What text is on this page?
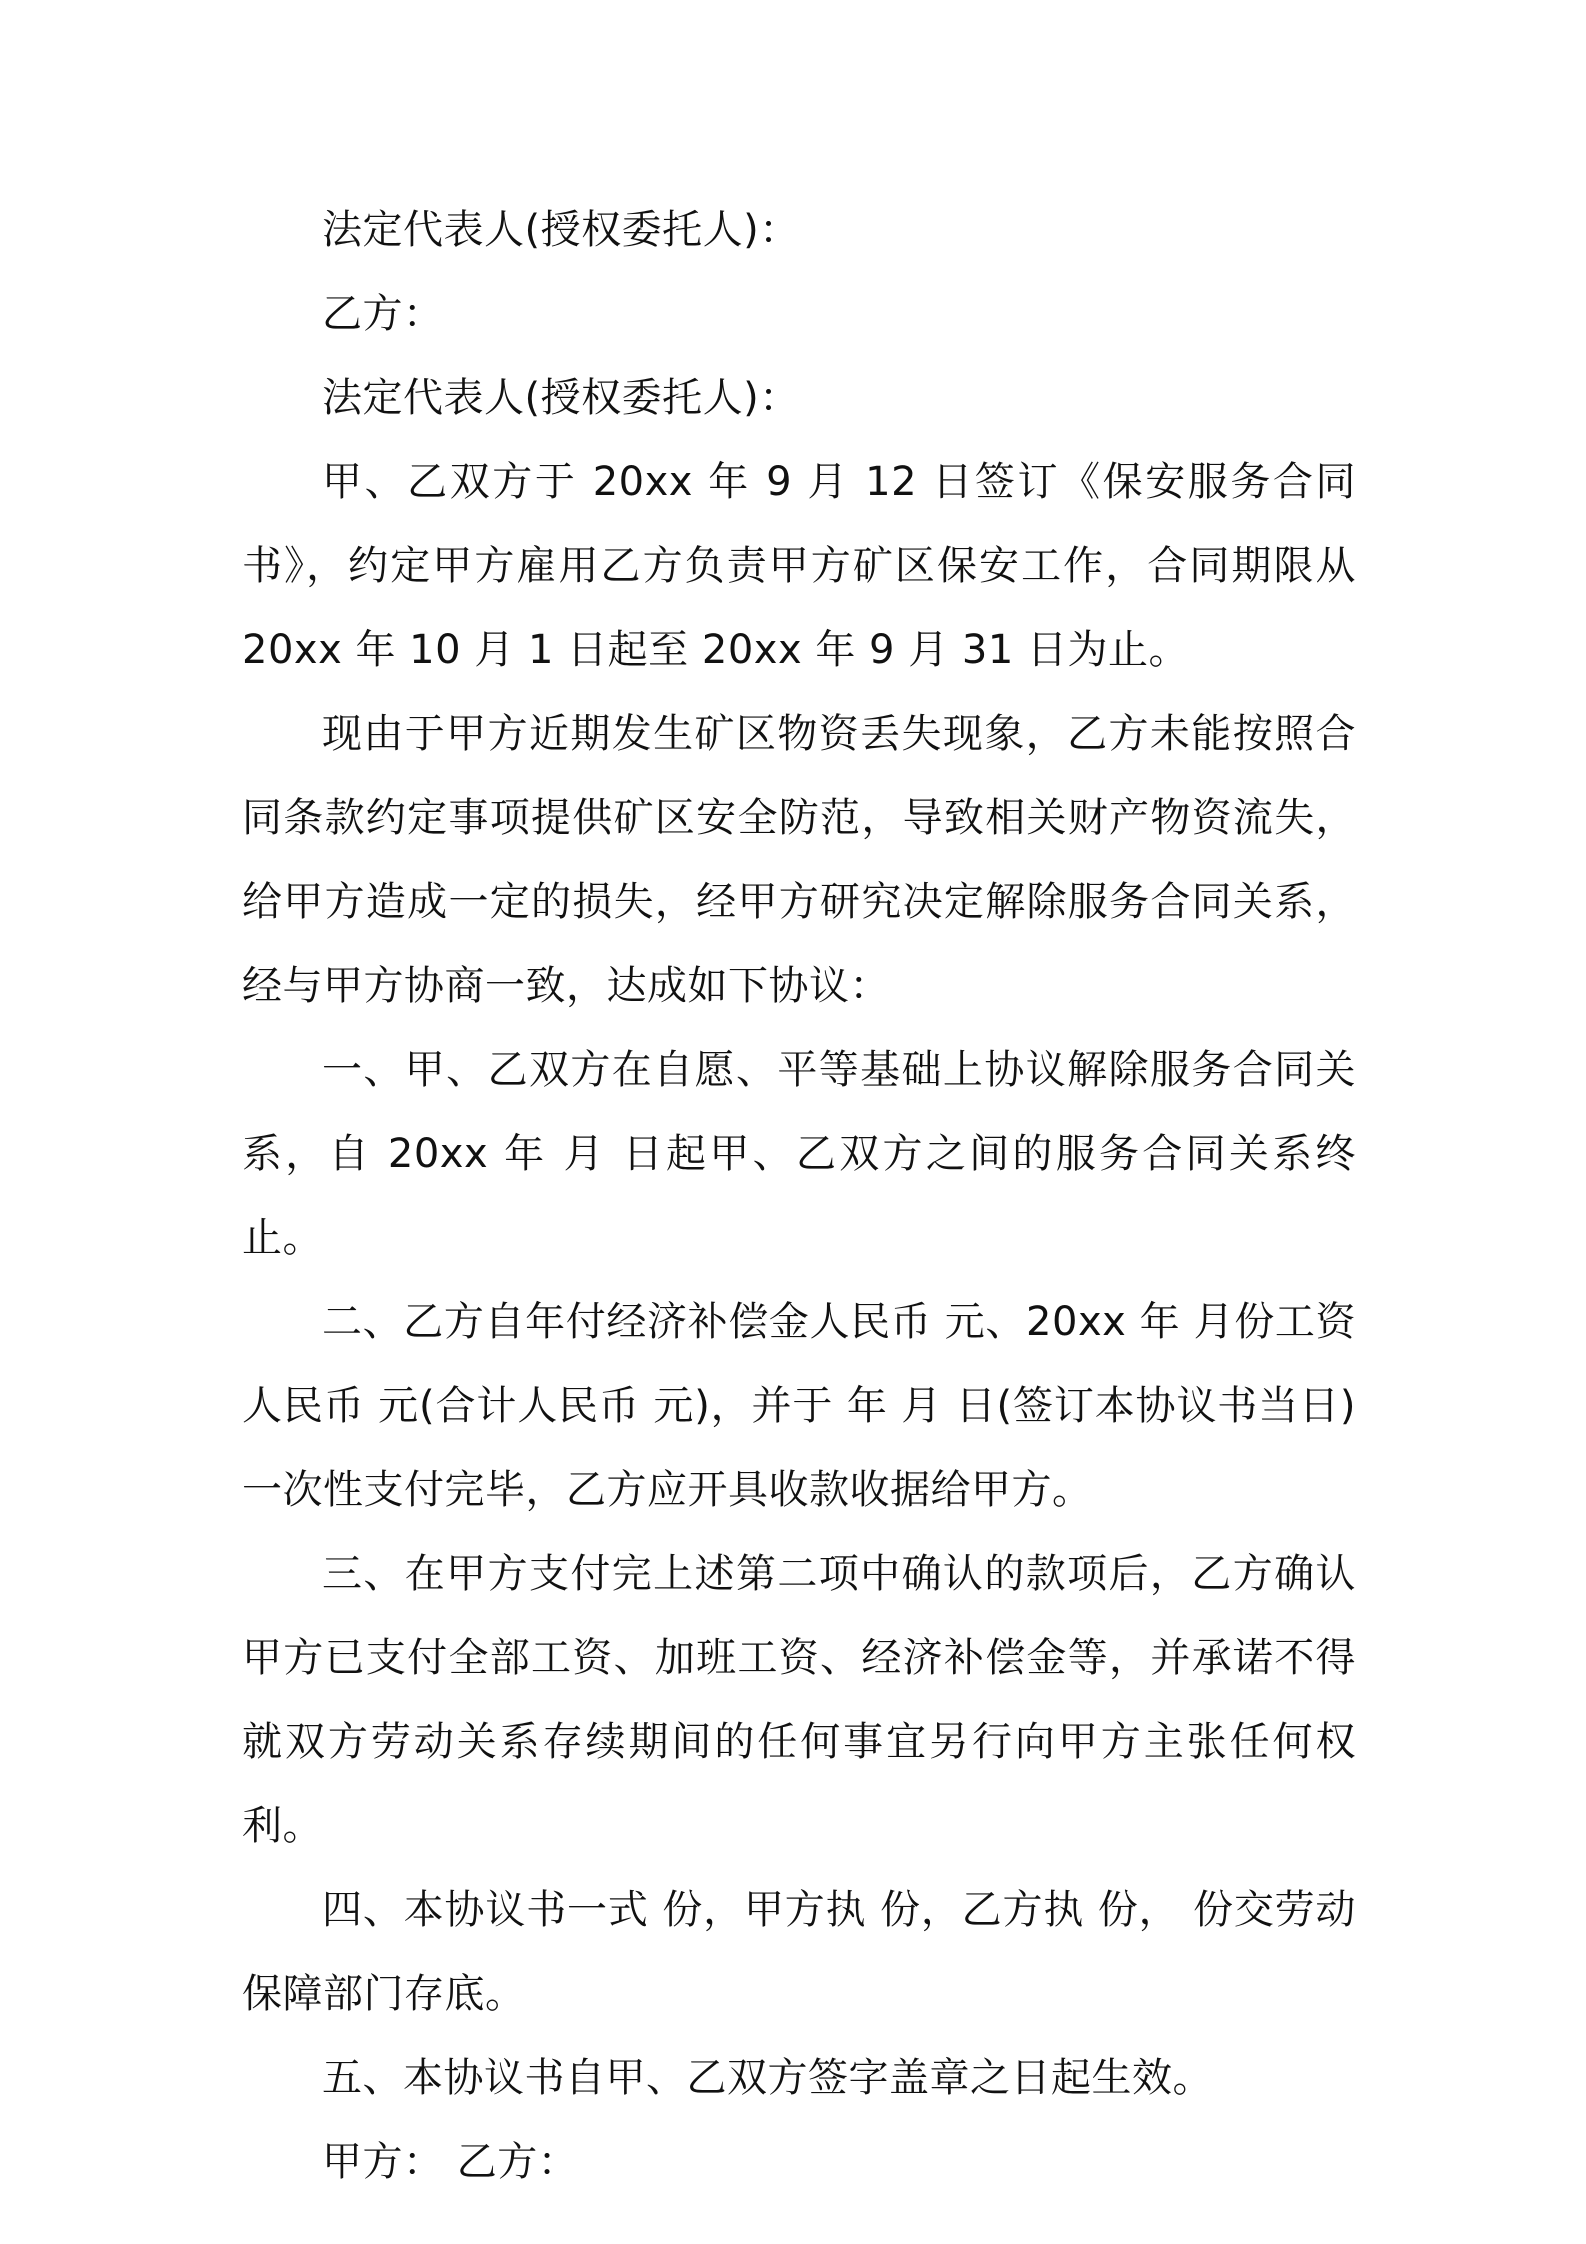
法定代表人(授权委托人)：

乙方：

法定代表人(授权委托人)：

甲、乙双方于 20xx 年 9 月 12 日签订《保安服务合同书》，约定甲方雇用乙方负责甲方矿区保安工作，合同期限从 20xx 年 10 月 1 日起至 20xx 年 9 月 31 日为止。

现由于甲方近期发生矿区物资丢失现象，乙方未能按照合同条款约定事项提供矿区安全防范，导致相关财产物资流失，给甲方造成一定的损失，经甲方研究决定解除服务合同关系，经与甲方协商一致，达成如下协议：

一、甲、乙双方在自愿、平等基础上协议解除服务合同关系，自 20xx 年 月 日起甲、乙双方之间的服务合同关系终止。

二、乙方自年付经济补偿金人民币 元、20xx 年 月份工资人民币 元(合计人民币 元)，并于 年 月 日(签订本协议书当日)一次性支付完毕，乙方应开具收款收据给甲方。

三、在甲方支付完上述第二项中确认的款项后，乙方确认甲方已支付全部工资、加班工资、经济补偿金等，并承诺不得就双方劳动关系存续期间的任何事宜另行向甲方主张任何权利。

四、本协议书一式 份，甲方执 份，乙方执 份， 份交劳动保障部门存底。

五、本协议书自甲、乙双方签字盖章之日起生效。

甲方： 乙方：
